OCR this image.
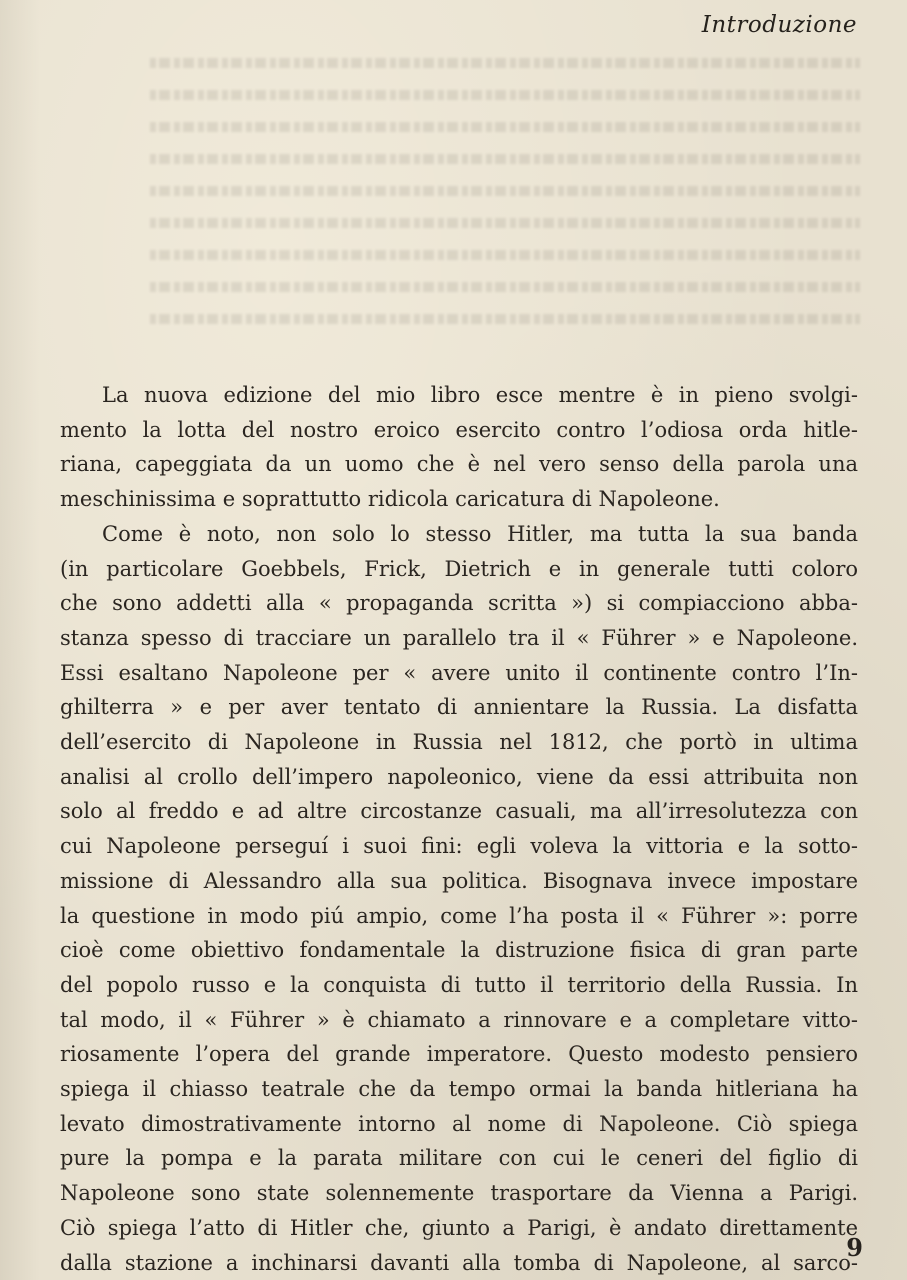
Introduzione

La nuova edizione del mio libro esce mentre è in pieno svolgi-

mento la lotta del nostro eroico esercito contro l’odiosa orda hitle-

riana, capeggiata da un uomo che è nel vero senso della parola una

meschinissima e soprattutto ridicola caricatura di Napoleone.

Come è noto, non solo lo stesso Hitler, ma tutta la sua banda

(in particolare Goebbels, Frick, Dietrich e in generale tutti coloro

che sono addetti alla « propaganda scritta ») si compiacciono abba-

stanza spesso di tracciare un parallelo tra il « Führer » e Napoleone.

Essi esaltano Napoleone per « avere unito il continente contro l’In-

ghilterra » e per aver tentato di annientare la Russia. La disfatta

dell’esercito di Napoleone in Russia nel 1812, che portò in ultima

analisi al crollo dell’impero napoleonico, viene da essi attribuita non

solo al freddo e ad altre circostanze casuali, ma all’irresolutezza con

cui Napoleone perseguí i suoi fini: egli voleva la vittoria e la sotto-

missione di Alessandro alla sua politica. Bisognava invece impostare

la questione in modo piú ampio, come l’ha posta il « Führer »: porre

cioè come obiettivo fondamentale la distruzione fisica di gran parte

del popolo russo e la conquista di tutto il territorio della Russia. In

tal modo, il « Führer » è chiamato a rinnovare e a completare vitto-

riosamente l’opera del grande imperatore. Questo modesto pensiero

spiega il chiasso teatrale che da tempo ormai la banda hitleriana ha

levato dimostrativamente intorno al nome di Napoleone. Ciò spiega

pure la pompa e la parata militare con cui le ceneri del figlio di

Napoleone sono state solennemente trasportare da Vienna a Parigi.

Ciò spiega l’atto di Hitler che, giunto a Parigi, è andato direttamente

dalla stazione a inchinarsi davanti alla tomba di Napoleone, al sarco-

9
